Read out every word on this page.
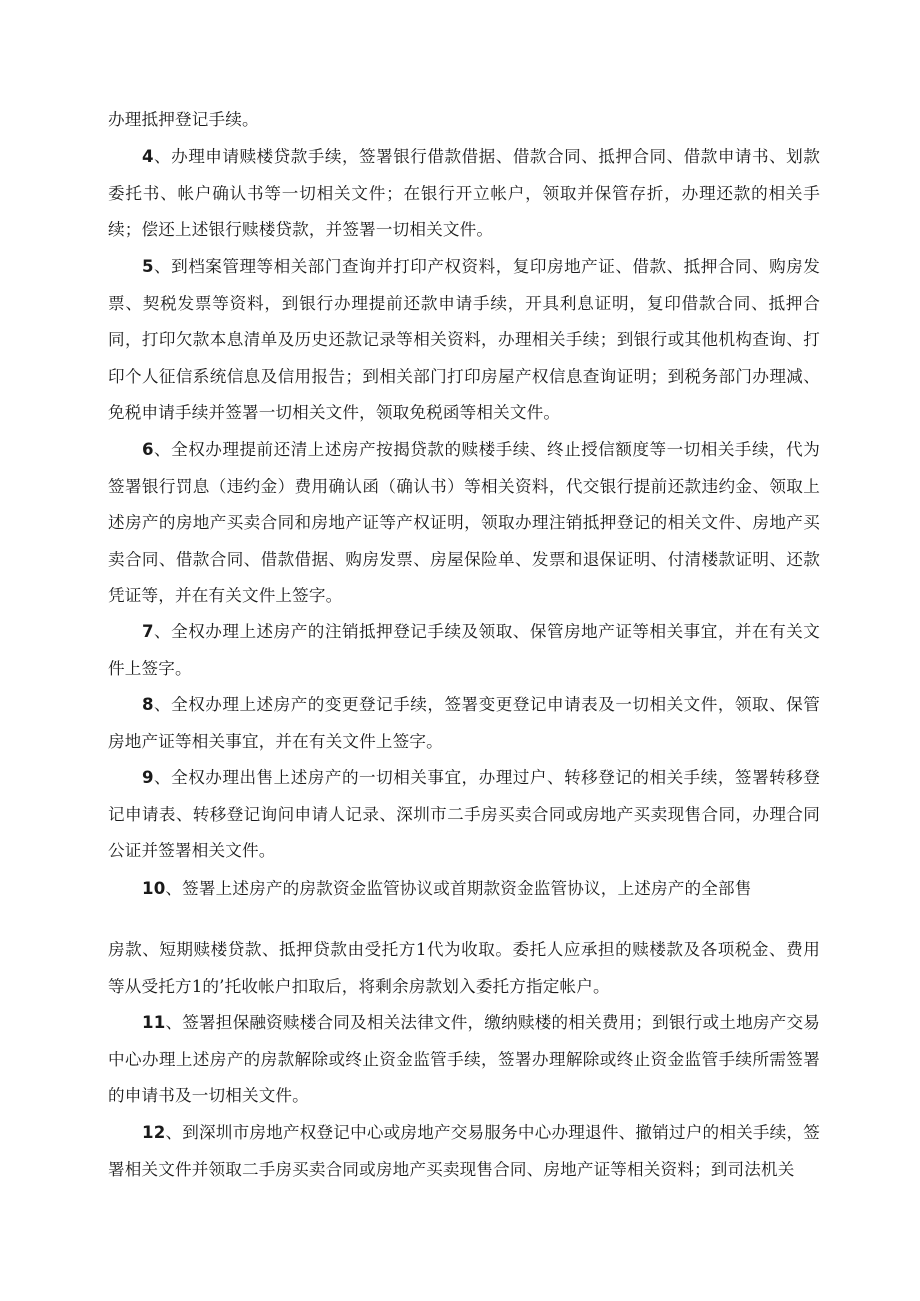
办理抵押登记手续。

4、办理申请赎楼贷款手续，签署银行借款借据、借款合同、抵押合同、借款申请书、划款委托书、帐户确认书等一切相关文件；在银行开立帐户，领取并保管存折，办理还款的相关手续；偿还上述银行赎楼贷款，并签署一切相关文件。

5、到档案管理等相关部门查询并打印产权资料，复印房地产证、借款、抵押合同、购房发票、契税发票等资料，到银行办理提前还款申请手续，开具利息证明，复印借款合同、抵押合同，打印欠款本息清单及历史还款记录等相关资料，办理相关手续；到银行或其他机构查询、打印个人征信系统信息及信用报告；到相关部门打印房屋产权信息查询证明；到税务部门办理减、免税申请手续并签署一切相关文件，领取免税函等相关文件。

6、全权办理提前还清上述房产按揭贷款的赎楼手续、终止授信额度等一切相关手续，代为签署银行罚息（违约金）费用确认函（确认书）等相关资料，代交银行提前还款违约金、领取上述房产的房地产买卖合同和房地产证等产权证明，领取办理注销抵押登记的相关文件、房地产买卖合同、借款合同、借款借据、购房发票、房屋保险单、发票和退保证明、付清楼款证明、还款凭证等，并在有关文件上签字。

7、全权办理上述房产的注销抵押登记手续及领取、保管房地产证等相关事宜，并在有关文件上签字。

8、全权办理上述房产的变更登记手续，签署变更登记申请表及一切相关文件，领取、保管房地产证等相关事宜，并在有关文件上签字。

9、全权办理出售上述房产的一切相关事宜，办理过户、转移登记的相关手续，签署转移登记申请表、转移登记询问申请人记录、深圳市二手房买卖合同或房地产买卖现售合同，办理合同公证并签署相关文件。

10、签署上述房产的房款资金监管协议或首期款资金监管协议，上述房产的全部售

房款、短期赎楼贷款、抵押贷款由受托方1代为收取。委托人应承担的赎楼款及各项税金、费用等从受托方1的’托收帐户扣取后，将剩余房款划入委托方指定帐户。

11、签署担保融资赎楼合同及相关法律文件，缴纳赎楼的相关费用；到银行或土地房产交易中心办理上述房产的房款解除或终止资金监管手续，签署办理解除或终止资金监管手续所需签署的申请书及一切相关文件。

12、到深圳市房地产权登记中心或房地产交易服务中心办理退件、撤销过户的相关手续，签署相关文件并领取二手房买卖合同或房地产买卖现售合同、房地产证等相关资料；到司法机关
